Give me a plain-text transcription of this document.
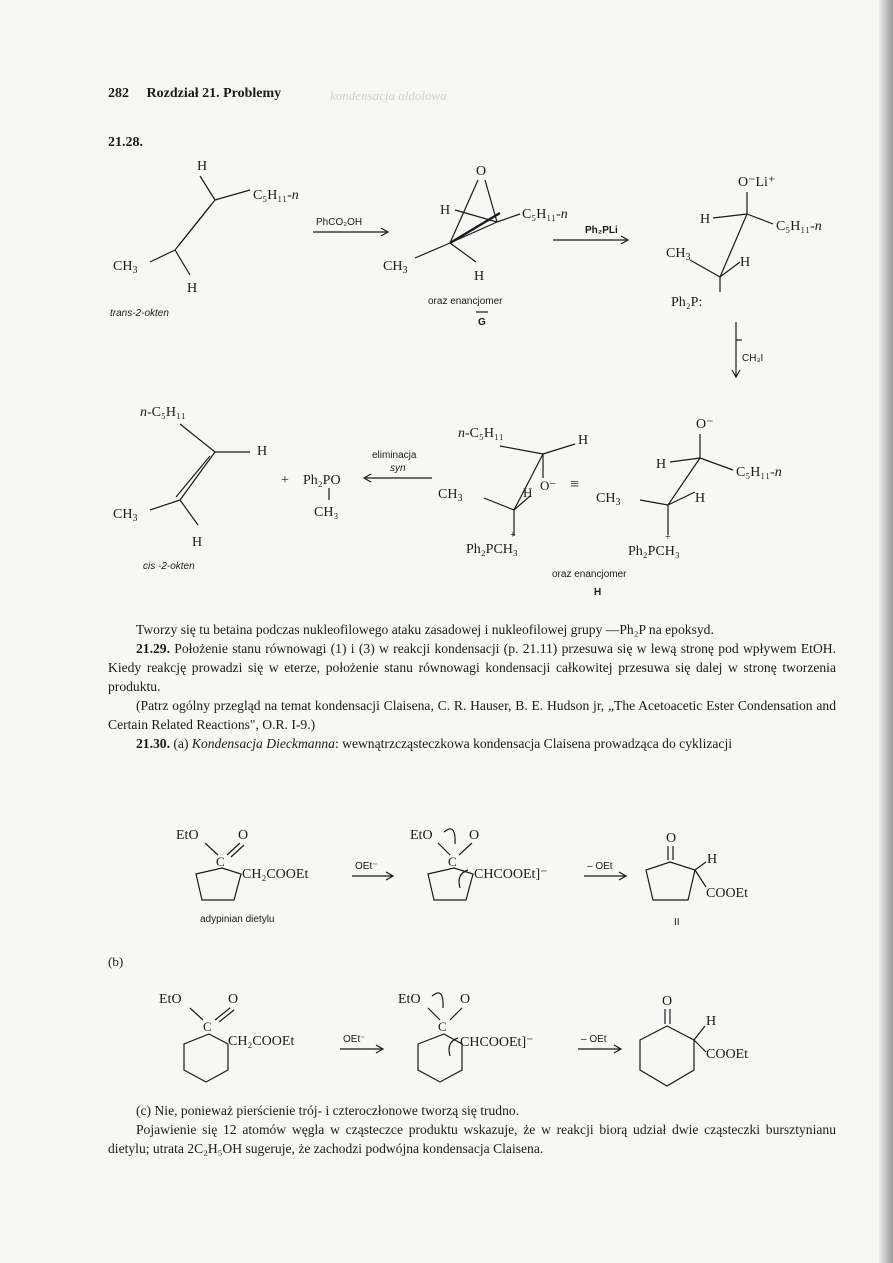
282 Rozdział 21. Problemy	kondensacja aldolowa
21.28.
H
C₅H₁₁-n
$CH_3$
H
trans-2-okten
PhCO₂OH
O
H	C₅H₁₁-n
$CH_3$	H
oraz enancjomer
G
Ph₂PLi
O⁻Li⁺
H	C₅H₁₁-n
$CH_3$	H
Ph₂P:
CH₃I
n-C₅H₁₁
H
$CH_3$
H
cis -2-okten
+ Ph₂PO
CH₃
eliminacja
syn
n-C₅H₁₁	H
O⁻
$CH_3$	H
+
Ph₂PCH₃
≡
O⁻
H
C₅H₁₁-n
$CH_3$	H
+
Ph₂PCH₃
oraz enancjomer
H

Tworzy się tu betaina podczas nukleofilowego ataku zasadowej i nukleofilowej grupy —Ph₂P na epoksyd.

21.29. Położenie stanu równowagi (1) i (3) w reakcji kondensacji (p. 21.11) przesuwa się w lewą stronę pod wpływem EtOH. Kiedy reakcję prowadzi się w eterze, położenie stanu równowagi kondensacji całkowitej przesuwa się dalej w stronę tworzenia produktu.

(Patrz ogólny przegląd na temat kondensacji Claisena, C. R. Hauser, B. E. Hudson jr, „The Acetoacetic Ester Condensation and Certain Related Reactions", O.R. I-9.)

21.30. (a) Kondensacja Dieckmanna: wewnątrzcząsteczkowa kondensacja Claisena prowadząca do cyklizacji

EtO	O
C
CH₂COOEt
adypinian dietylu
OEt⁻
EtO	O
C
CHCOOEt]⁻
– OEt
O
H
COOEt
II
(b)
EtO	O
C
CH₂COOEt	OEt⁻
EtO	O
C
CHCOOEt]⁻	– OEt
O
H
COOEt

(c) Nie, ponieważ pierścienie trój- i czteroczłonowe tworzą się trudno.

Pojawienie się 12 atomów węgla w cząsteczce produktu wskazuje, że w reakcji biorą udział dwie cząsteczki bursztynianu dietylu; utrata 2C₂H₅OH sugeruje, że zachodzi podwójna kondensacja Claisena.
